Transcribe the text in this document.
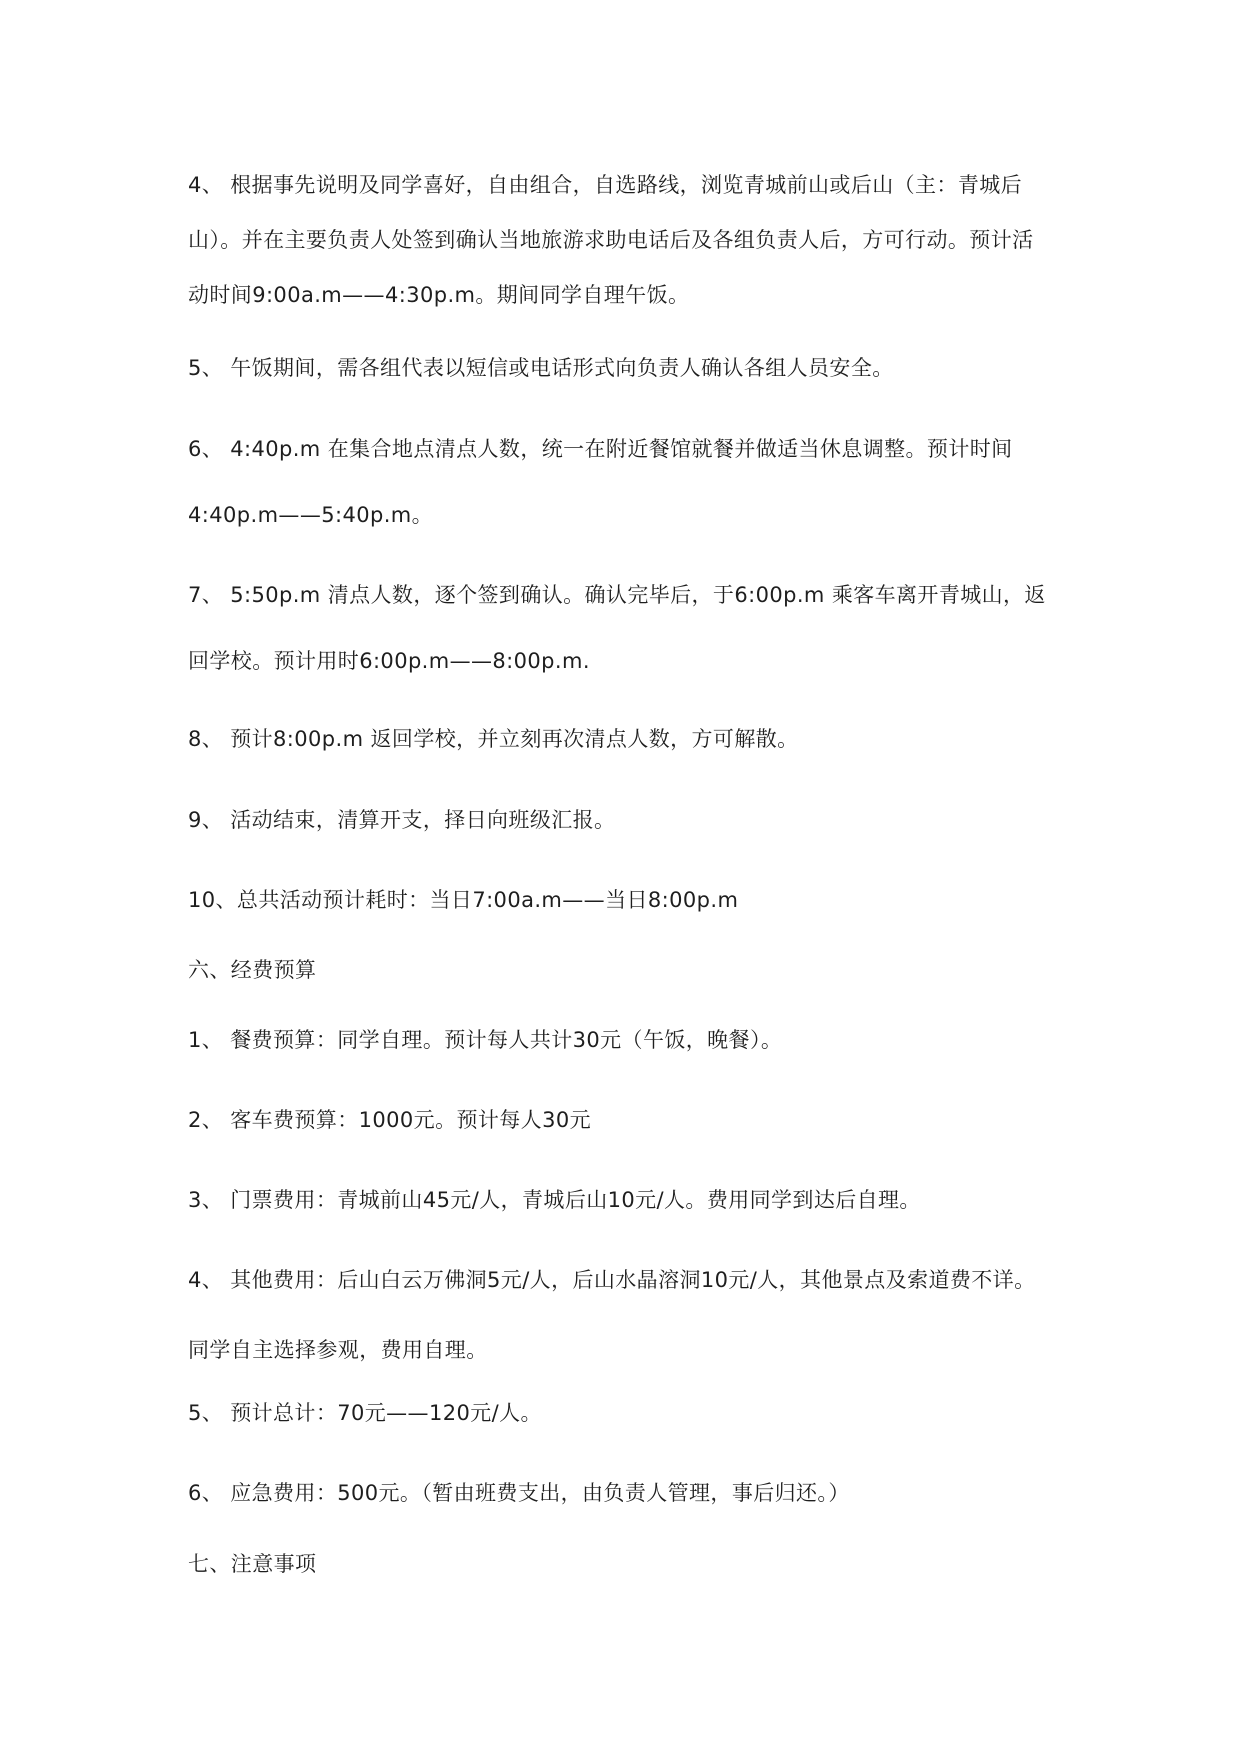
4、 根据事先说明及同学喜好，自由组合，自选路线，浏览青城前山或后山（主：青城后
山）。并在主要负责人处签到确认当地旅游求助电话后及各组负责人后，方可行动。预计活
动时间9:00a.m——4:30p.m。期间同学自理午饭。
5、 午饭期间，需各组代表以短信或电话形式向负责人确认各组人员安全。
6、 4:40p.m 在集合地点清点人数，统一在附近餐馆就餐并做适当休息调整。预计时间
4:40p.m——5:40p.m。
7、 5:50p.m 清点人数，逐个签到确认。确认完毕后，于6:00p.m 乘客车离开青城山，返
回学校。预计用时6:00p.m——8:00p.m.
8、 预计8:00p.m 返回学校，并立刻再次清点人数，方可解散。
9、 活动结束，清算开支，择日向班级汇报。
10、总共活动预计耗时：当日7:00a.m——当日8:00p.m
六、经费预算
1、 餐费预算：同学自理。预计每人共计30元（午饭，晚餐）。
2、 客车费预算：1000元。预计每人30元
3、 门票费用：青城前山45元/人，青城后山10元/人。费用同学到达后自理。
4、 其他费用：后山白云万佛洞5元/人，后山水晶溶洞10元/人，其他景点及索道费不详。
同学自主选择参观，费用自理。
5、 预计总计：70元——120元/人。
6、 应急费用：500元。（暂由班费支出，由负责人管理，事后归还。）
七、注意事项
